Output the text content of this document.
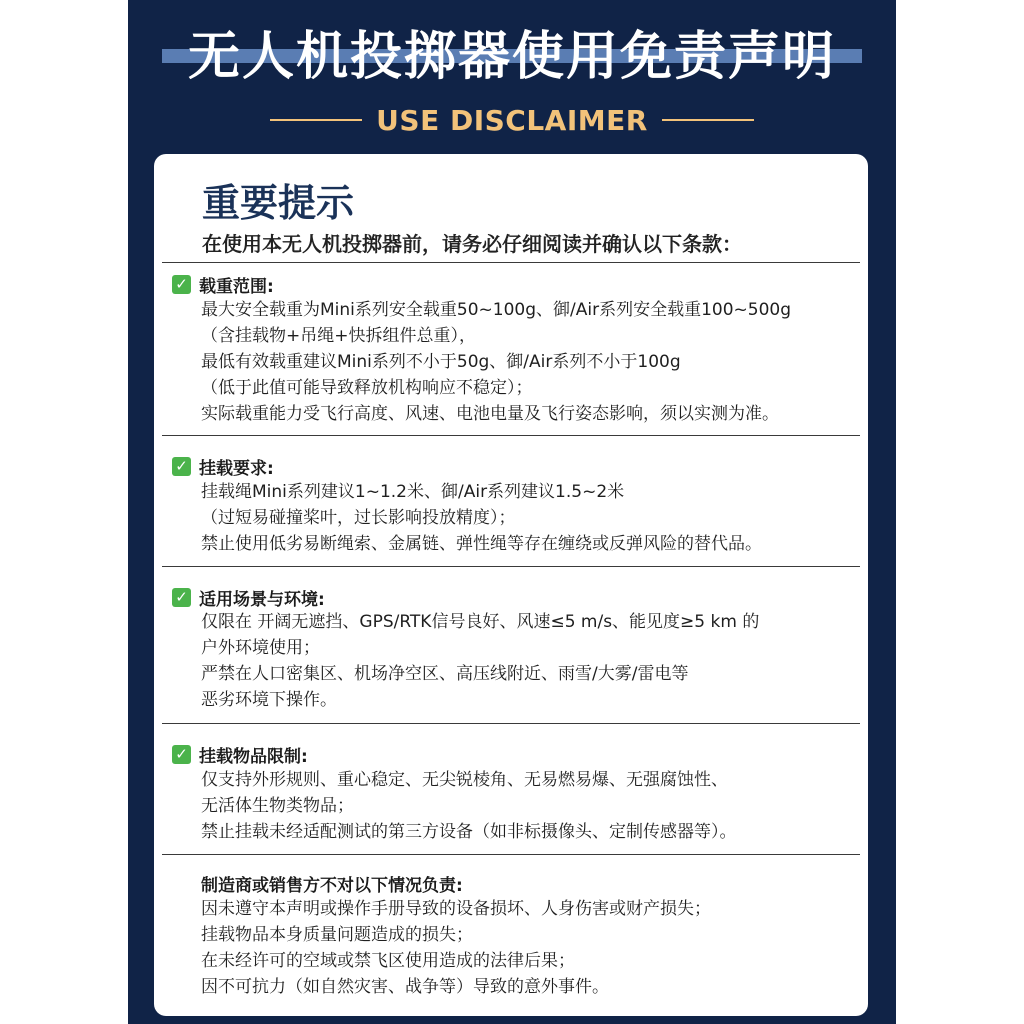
无人机投掷器使用免责声明
USE DISCLAIMER
重要提示
在使用本无人机投掷器前，请务必仔细阅读并确认以下条款：
✓ 载重范围:
最大安全载重为Mini系列安全载重50~100g、御/Air系列安全载重100~500g
（含挂载物+吊绳+快拆组件总重），
最低有效载重建议Mini系列不小于50g、御/Air系列不小于100g
（低于此值可能导致释放机构响应不稳定）；
实际载重能力受飞行高度、风速、电池电量及飞行姿态影响，须以实测为准。
✓ 挂载要求:
挂载绳Mini系列建议1~1.2米、御/Air系列建议1.5~2米
（过短易碰撞桨叶，过长影响投放精度）；
禁止使用低劣易断绳索、金属链、弹性绳等存在缠绕或反弹风险的替代品。
✓ 适用场景与环境:
仅限在 开阔无遮挡、GPS/RTK信号良好、风速≤5 m/s、能见度≥5 km 的
户外环境使用；
严禁在人口密集区、机场净空区、高压线附近、雨雪/大雾/雷电等
恶劣环境下操作。
✓ 挂载物品限制:
仅支持外形规则、重心稳定、无尖锐棱角、无易燃易爆、无强腐蚀性、
无活体生物类物品；
禁止挂载未经适配测试的第三方设备（如非标摄像头、定制传感器等）。
制造商或销售方不对以下情况负责:
因未遵守本声明或操作手册导致的设备损坏、人身伤害或财产损失；
挂载物品本身质量问题造成的损失；
在未经许可的空域或禁飞区使用造成的法律后果；
因不可抗力（如自然灾害、战争等）导致的意外事件。
